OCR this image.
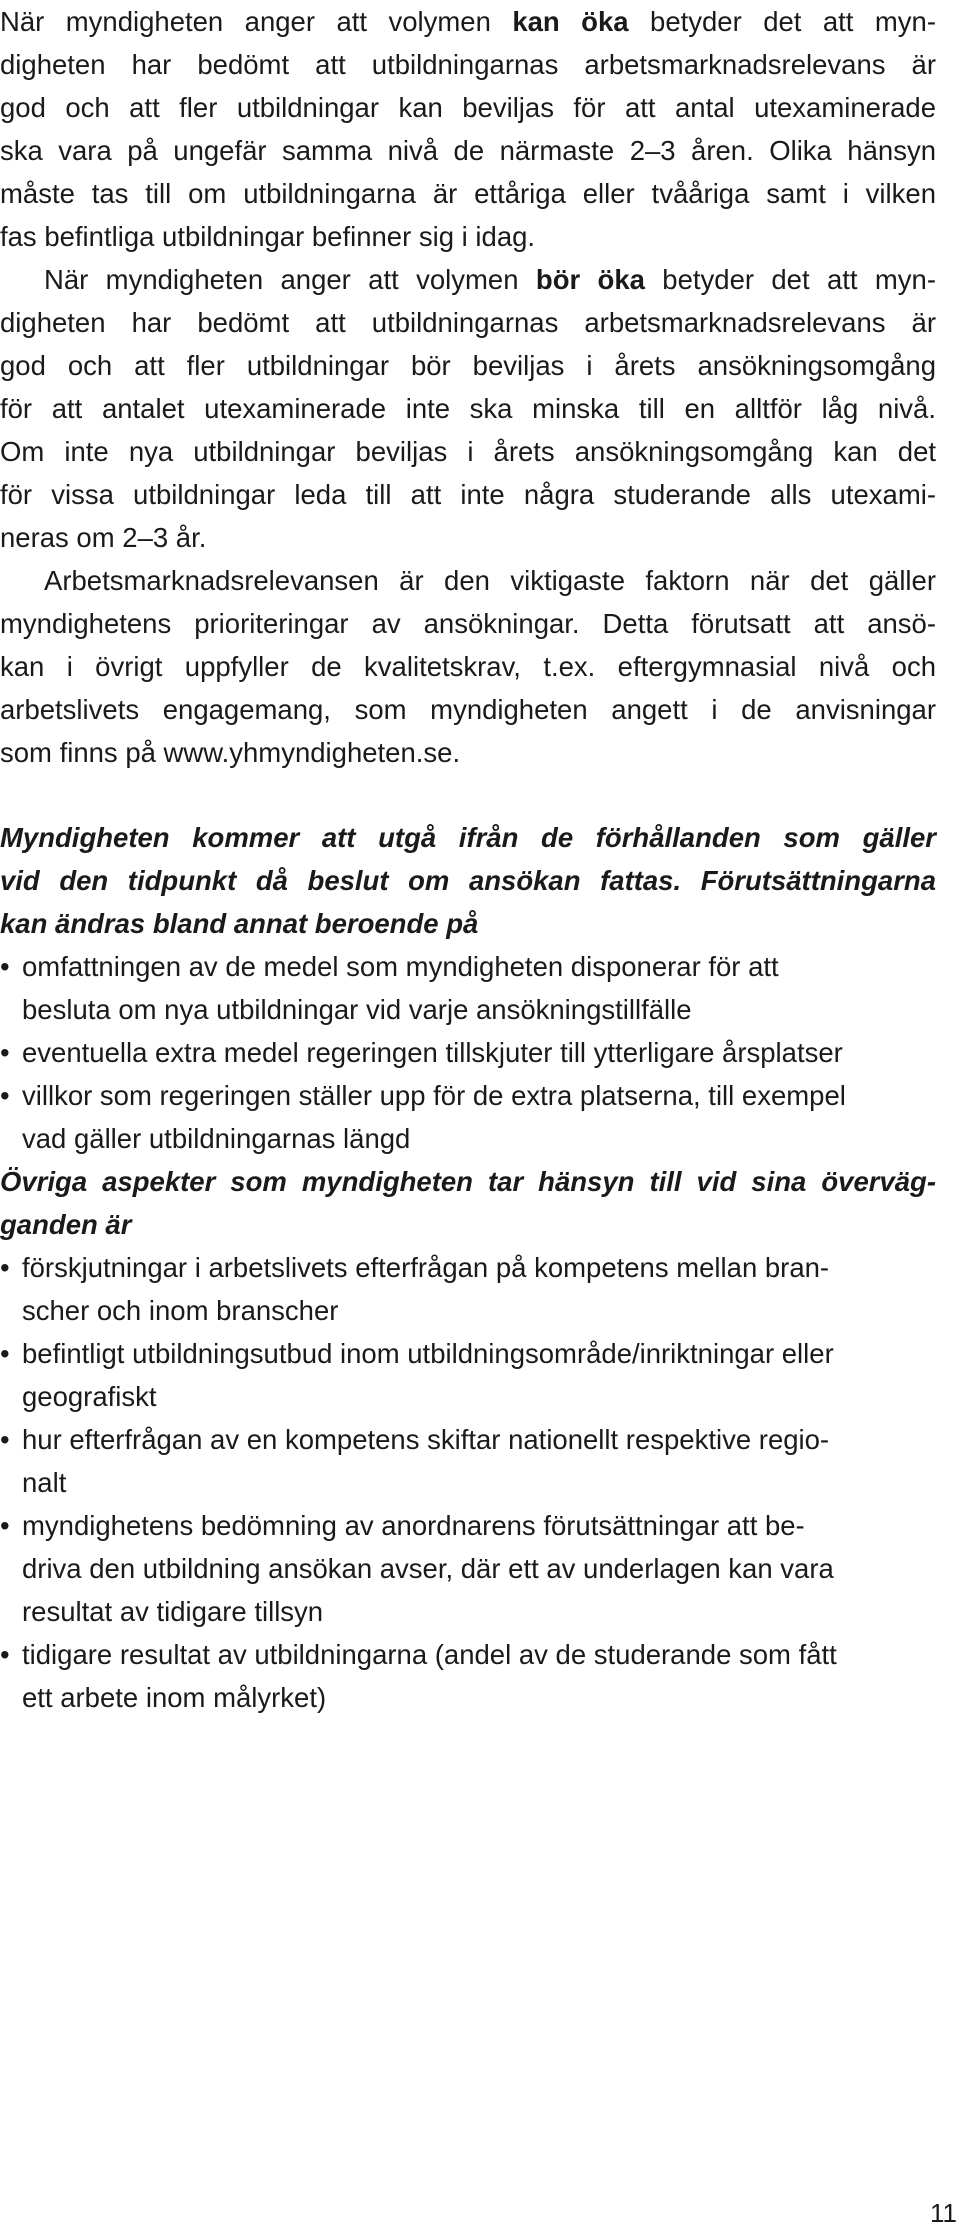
När myndigheten anger att volymen kan öka betyder det att myn-
digheten har bedömt att utbildningarnas arbetsmarknadsrelevans är
god och att fler utbildningar kan beviljas för att antal utexaminerade
ska vara på ungefär samma nivå de närmaste 2–3 åren. Olika hänsyn
måste tas till om utbildningarna är ettåriga eller tvååriga samt i vilken
fas befintliga utbildningar befinner sig i idag.
När myndigheten anger att volymen bör öka betyder det att myn-
digheten har bedömt att utbildningarnas arbetsmarknadsrelevans är
god och att fler utbildningar bör beviljas i årets ansökningsomgång
för att antalet utexaminerade inte ska minska till en alltför låg nivå.
Om inte nya utbildningar beviljas i årets ansökningsomgång kan det
för vissa utbildningar leda till att inte några studerande alls utexami-
neras om 2–3 år.
Arbetsmarknadsrelevansen är den viktigaste faktorn när det gäller
myndighetens prioriteringar av ansökningar. Detta förutsatt att ansö-
kan i övrigt uppfyller de kvalitetskrav, t.ex. eftergymnasial nivå och
arbetslivets engagemang, som myndigheten angett i de anvisningar
som finns på www.yhmyndigheten.se.
Myndigheten kommer att utgå ifrån de förhållanden som gäller
vid den tidpunkt då beslut om ansökan fattas. Förutsättningarna
kan ändras bland annat beroende på
• omfattningen av de medel som myndigheten disponerar för att
besluta om nya utbildningar vid varje ansökningstillfälle
• eventuella extra medel regeringen tillskjuter till ytterligare årsplatser
• villkor som regeringen ställer upp för de extra platserna, till exempel
vad gäller utbildningarnas längd
Övriga aspekter som myndigheten tar hänsyn till vid sina överväg-
ganden är
• förskjutningar i arbetslivets efterfrågan på kompetens mellan bran-
scher och inom branscher
• befintligt utbildningsutbud inom utbildningsområde/inriktningar eller
geografiskt
• hur efterfrågan av en kompetens skiftar nationellt respektive regio-
nalt
• myndighetens bedömning av anordnarens förutsättningar att be-
driva den utbildning ansökan avser, där ett av underlagen kan vara
resultat av tidigare tillsyn
• tidigare resultat av utbildningarna (andel av de studerande som fått
ett arbete inom målyrket)
11
